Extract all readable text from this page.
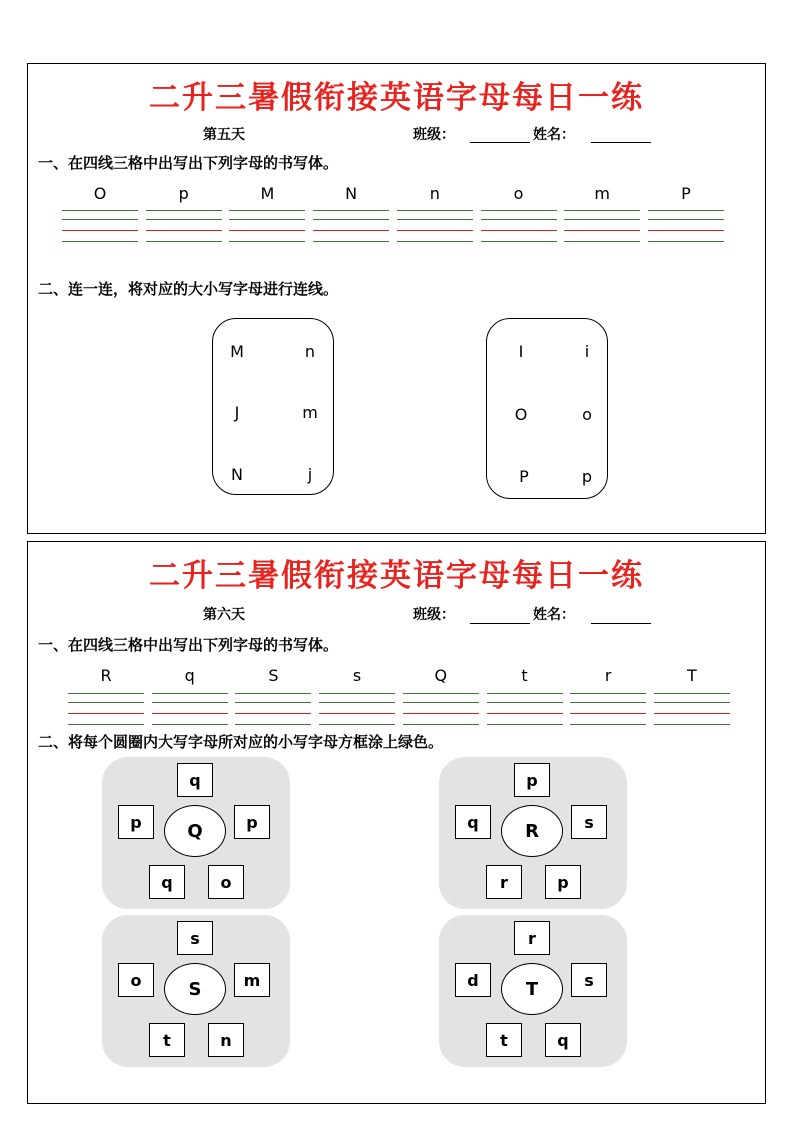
二升三暑假衔接英语字母每日一练
第五天	班级：	姓名：
一、在四线三格中出写出下列字母的书写体。
O	p	M	N	n	o	m	P
二、连一连，将对应的大小写字母进行连线。
M
J
N
n
m
j
I
O
P
i
o
p
二升三暑假衔接英语字母每日一练
第六天	班级：	姓名：
一、在四线三格中出写出下列字母的书写体。
R	q	S	s	Q	t	r	T
二、将每个圆圈内大写字母所对应的小写字母方框涂上绿色。
Q
q
p	p
q	o
R
p
q	s
r	p
S
s
o	m
t	n
T
r
d	s
t	q
